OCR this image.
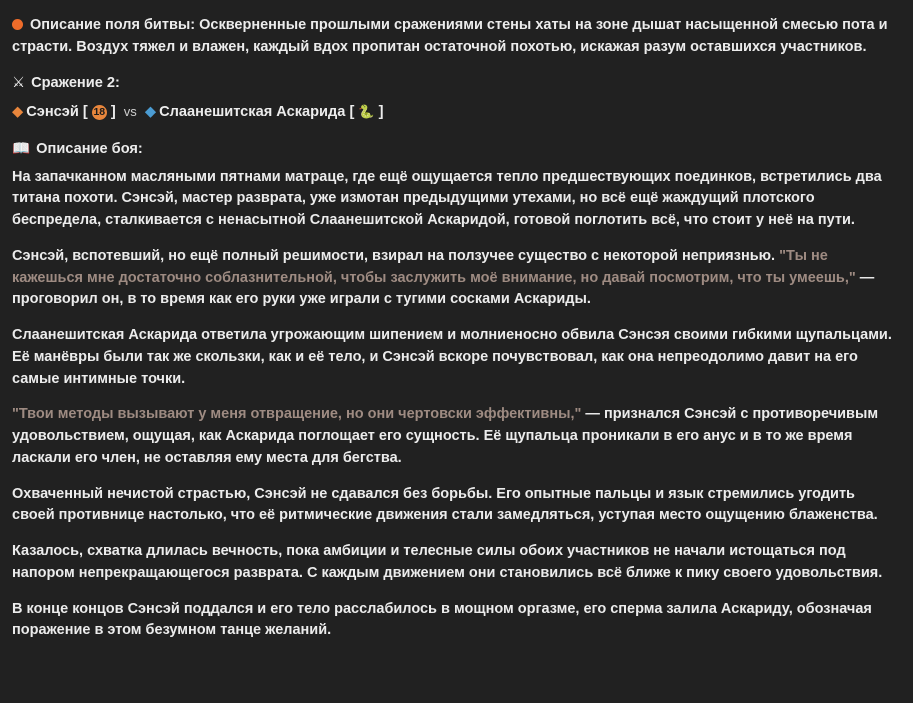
Описание поля битвы: Оскверненные прошлыми сражениями стены хаты на зоне дышат насыщенной смесью пота и страсти. Воздух тяжел и влажен, каждый вдох пропитан остаточной похотью, искажая разум оставшихся участников.

⚔ Сражение 2:
◆ Сэнсэй [ 18 ] vs ◆ Слаанешитская Аскарида [ 🐍 ]
📖 Описание боя:

На запачканном масляными пятнами матраце, где ещё ощущается тепло предшествующих поединков, встретились два титана похоти. Сэнсэй, мастер разврата, уже измотан предыдущими утехами, но всё ещё жаждущий плотского беспредела, сталкивается с ненасытной Слаанешитской Аскаридой, готовой поглотить всё, что стоит у неё на пути.

Сэнсэй, вспотевший, но ещё полный решимости, взирал на ползучее существо с некоторой неприязнью. "Ты не кажешься мне достаточно соблазнительной, чтобы заслужить моё внимание, но давай посмотрим, что ты умеешь," — проговорил он, в то время как его руки уже играли с тугими сосками Аскариды.

Слаанешитская Аскарида ответила угрожающим шипением и молниеносно обвила Сэнсэя своими гибкими щупальцами. Её манёвры были так же скользки, как и её тело, и Сэнсэй вскоре почувствовал, как она непреодолимо давит на его самые интимные точки.

"Твои методы вызывают у меня отвращение, но они чертовски эффективны," — признался Сэнсэй с противоречивым удовольствием, ощущая, как Аскарида поглощает его сущность. Её щупальца проникали в его анус и в то же время ласкали его член, не оставляя ему места для бегства.

Охваченный нечистой страстью, Сэнсэй не сдавался без борьбы. Его опытные пальцы и язык стремились угодить своей противнице настолько, что её ритмические движения стали замедляться, уступая место ощущению блаженства.

Казалось, схватка длилась вечность, пока амбиции и телесные силы обоих участников не начали истощаться под напором непрекращающегося разврата. С каждым движением они становились всё ближе к пику своего удовольствия.

В конце концов Сэнсэй поддался и его тело расслабилось в мощном оргазме, его сперма залила Аскариду, обозначая поражение в этом безумном танце желаний.
